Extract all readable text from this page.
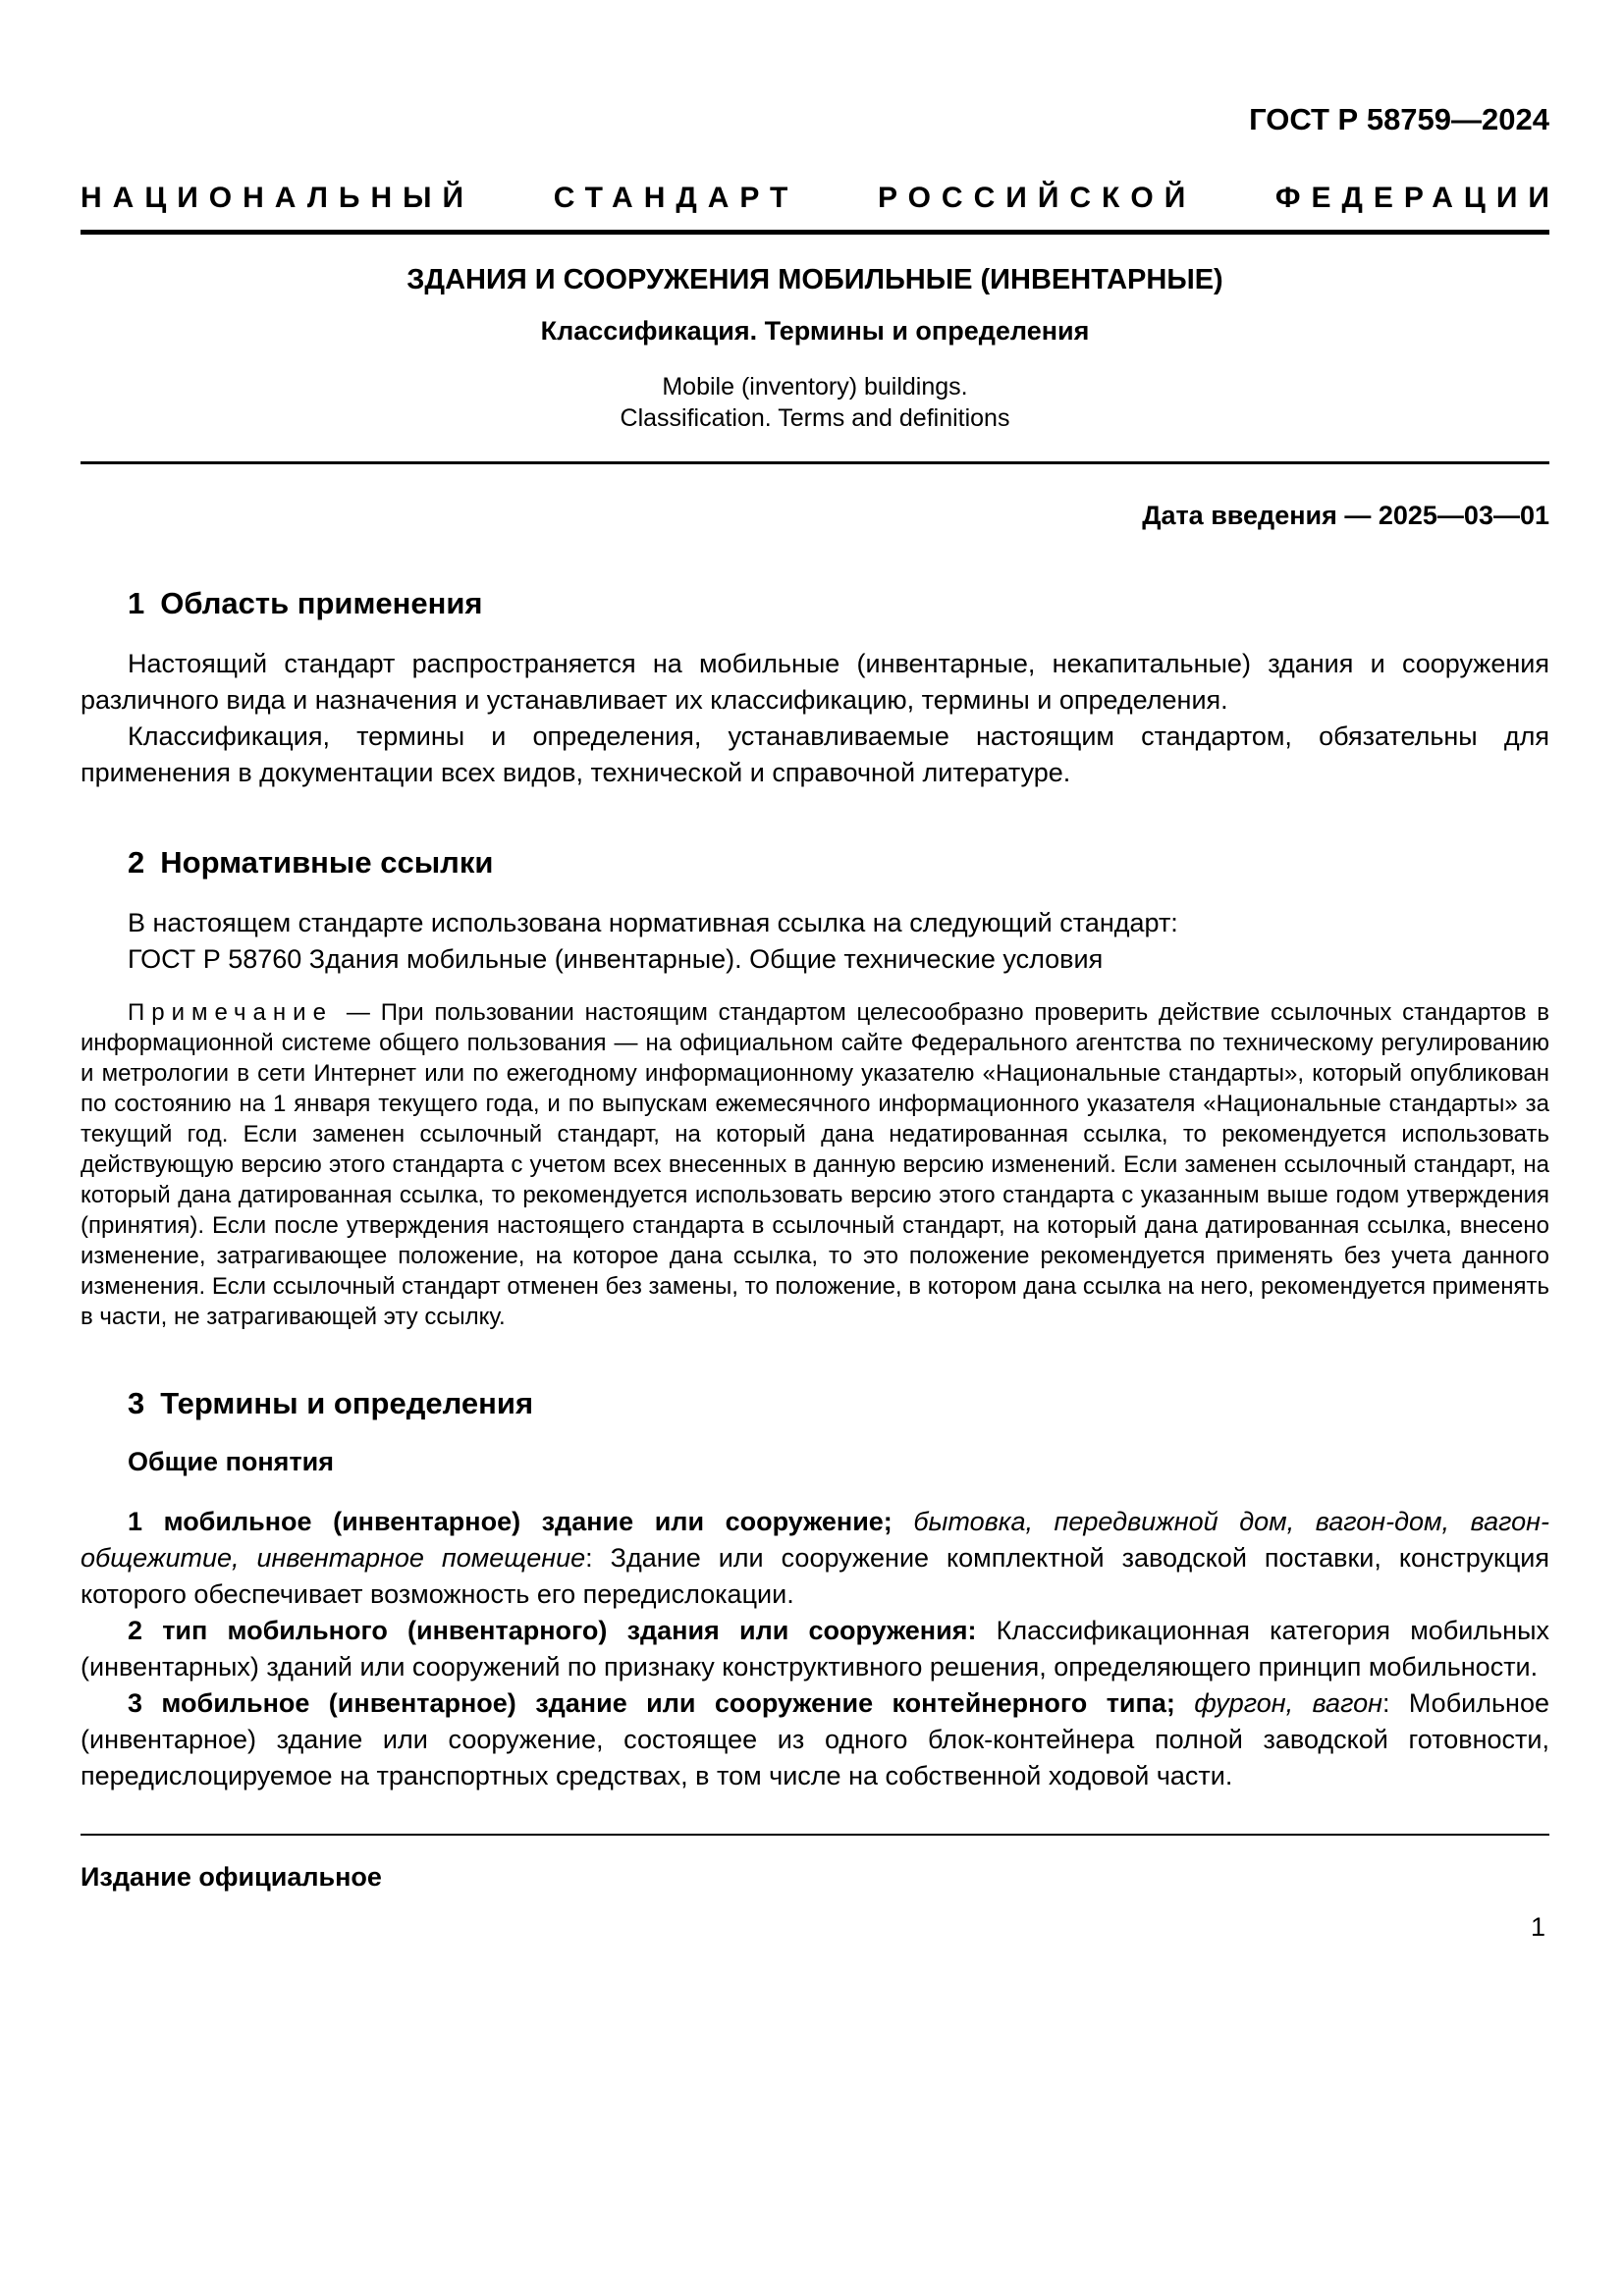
ГОСТ Р 58759—2024
НАЦИОНАЛЬНЫЙ	СТАНДАРТ	РОССИЙСКОЙ	ФЕДЕРАЦИИ
ЗДАНИЯ И СООРУЖЕНИЯ МОБИЛЬНЫЕ (ИНВЕНТАРНЫЕ)
Классификация. Термины и определения
Mobile (inventory) buildings.
Classification. Terms and definitions
Дата введения — 2025—03—01
1 Область применения

Настоящий стандарт распространяется на мобильные (инвентарные, некапитальные) здания и сооружения различного вида и назначения и устанавливает их классификацию, термины и определения.

Классификация, термины и определения, устанавливаемые настоящим стандартом, обязательны для применения в документации всех видов, технической и справочной литературе.

2 Нормативные ссылки

В настоящем стандарте использована нормативная ссылка на следующий стандарт:

ГОСТ Р 58760 Здания мобильные (инвентарные). Общие технические условия

Примечание — При пользовании настоящим стандартом целесообразно проверить действие ссылочных стандартов в информационной системе общего пользования — на официальном сайте Федерального агентства по техническому регулированию и метрологии в сети Интернет или по ежегодному информационному указателю «Национальные стандарты», который опубликован по состоянию на 1 января текущего года, и по выпускам ежемесячного информационного указателя «Национальные стандарты» за текущий год. Если заменен ссылочный стандарт, на который дана недатированная ссылка, то рекомендуется использовать действующую версию этого стандарта с учетом всех внесенных в данную версию изменений. Если заменен ссылочный стандарт, на который дана датированная ссылка, то рекомендуется использовать версию этого стандарта с указанным выше годом утверждения (принятия). Если после утверждения настоящего стандарта в ссылочный стандарт, на который дана датированная ссылка, внесено изменение, затрагивающее положение, на которое дана ссылка, то это положение рекомендуется применять без учета данного изменения. Если ссылочный стандарт отменен без замены, то положение, в котором дана ссылка на него, рекомендуется применять в части, не затрагивающей эту ссылку.

3 Термины и определения
Общие понятия

1 мобильное (инвентарное) здание или сооружение; бытовка, передвижной дом, вагон-дом, вагон-общежитие, инвентарное помещение: Здание или сооружение комплектной заводской поставки, конструкция которого обеспечивает возможность его передислокации.

2 тип мобильного (инвентарного) здания или сооружения: Классификационная категория мобильных (инвентарных) зданий или сооружений по признаку конструктивного решения, определяющего принцип мобильности.

3 мобильное (инвентарное) здание или сооружение контейнерного типа; фургон, вагон: Мобильное (инвентарное) здание или сооружение, состоящее из одного блок-контейнера полной заводской готовности, передислоцируемое на транспортных средствах, в том числе на собственной ходовой части.

Издание официальное
1
